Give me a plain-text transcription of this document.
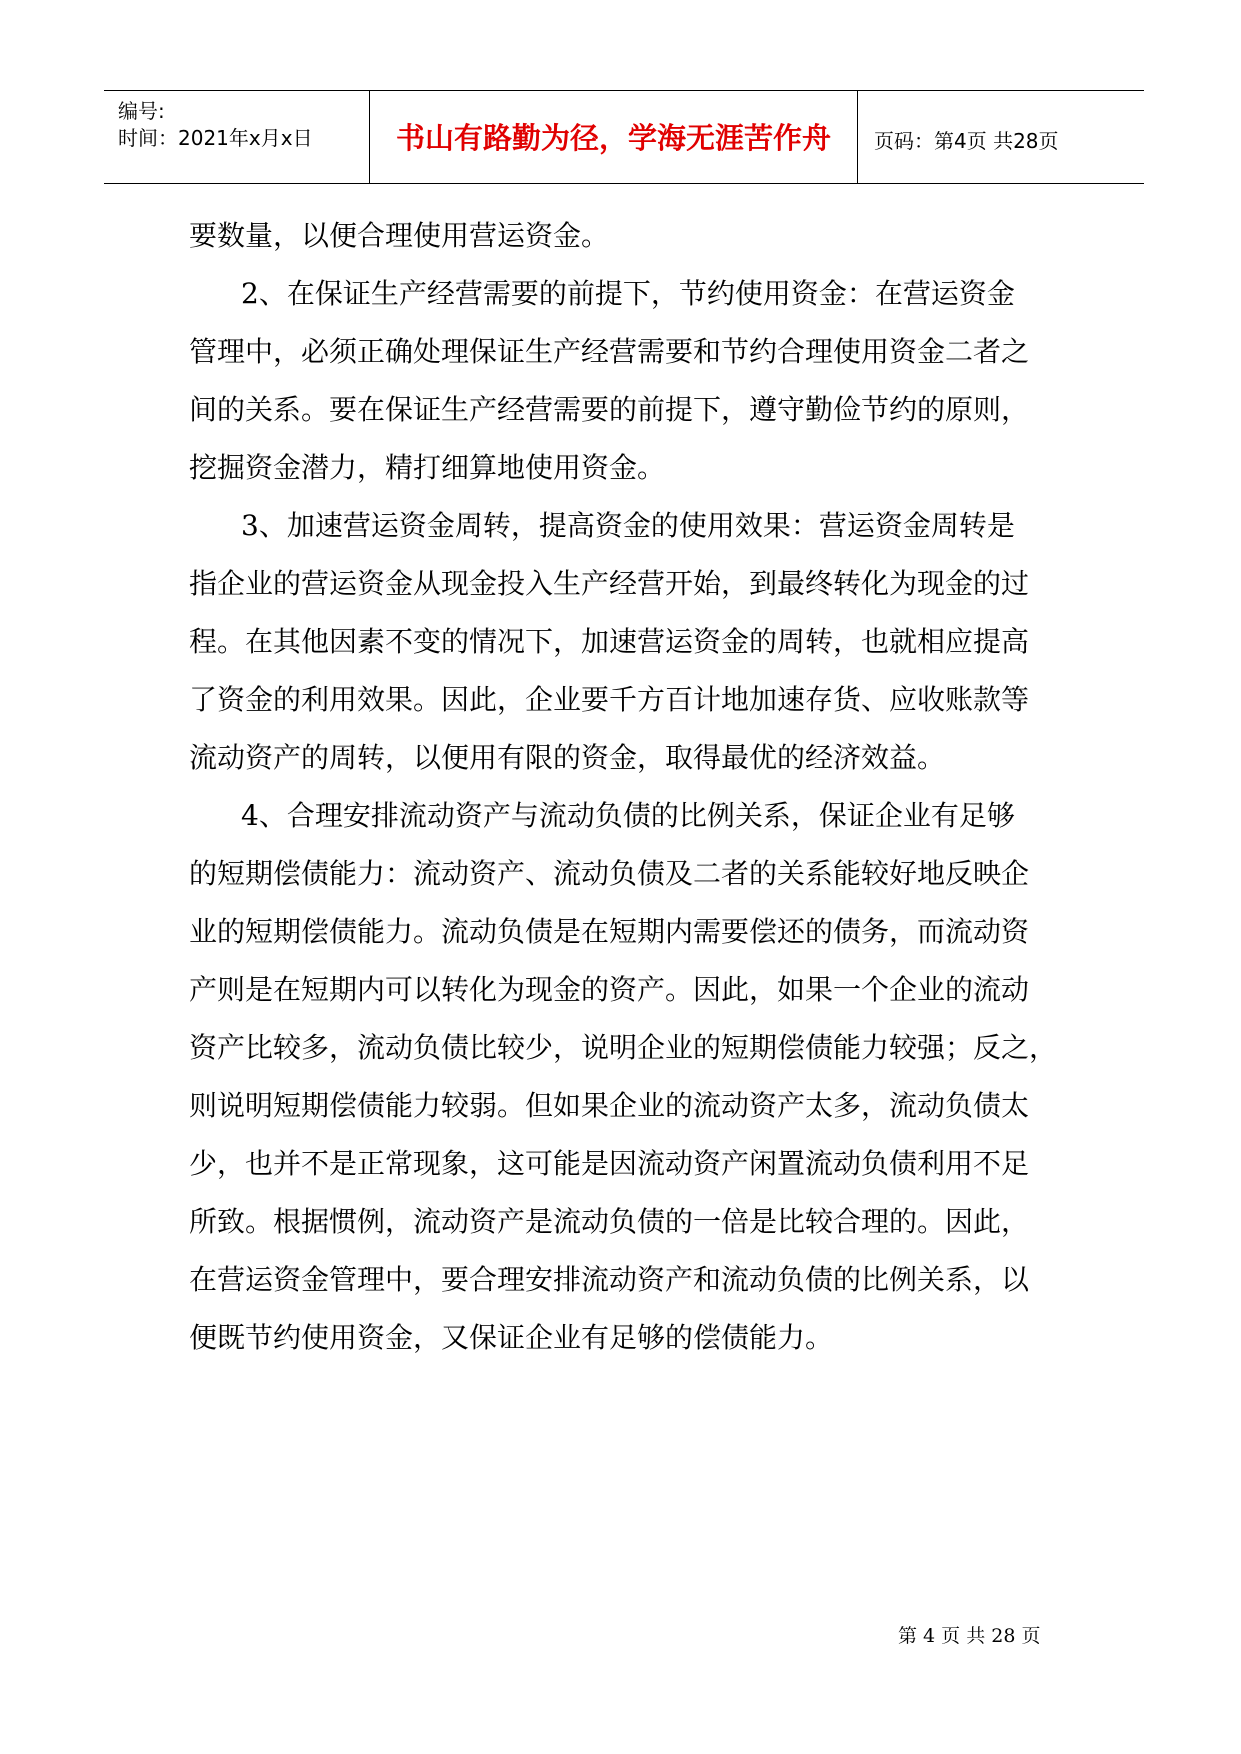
编号:
时间：2021年x月x日	书山有路勤为径，学海无涯苦作舟	页码：第4页 共28页
要数量，以便合理使用营运资金。
2、在保证生产经营需要的前提下，节约使用资金：在营运资金
管理中，必须正确处理保证生产经营需要和节约合理使用资金二者之
间的关系。要在保证生产经营需要的前提下，遵守勤俭节约的原则，
挖掘资金潜力，精打细算地使用资金。
3、加速营运资金周转，提高资金的使用效果：营运资金周转是
指企业的营运资金从现金投入生产经营开始，到最终转化为现金的过
程。在其他因素不变的情况下，加速营运资金的周转，也就相应提高
了资金的利用效果。因此，企业要千方百计地加速存货、应收账款等
流动资产的周转，以便用有限的资金，取得最优的经济效益。
4、合理安排流动资产与流动负债的比例关系，保证企业有足够
的短期偿债能力：流动资产、流动负债及二者的关系能较好地反映企
业的短期偿债能力。流动负债是在短期内需要偿还的债务，而流动资
产则是在短期内可以转化为现金的资产。因此，如果一个企业的流动
资产比较多，流动负债比较少，说明企业的短期偿债能力较强；反之，
则说明短期偿债能力较弱。但如果企业的流动资产太多，流动负债太
少，也并不是正常现象，这可能是因流动资产闲置流动负债利用不足
所致。根据惯例，流动资产是流动负债的一倍是比较合理的。因此，
在营运资金管理中，要合理安排流动资产和流动负债的比例关系，以
便既节约使用资金，又保证企业有足够的偿债能力。
第 4 页 共 28 页
